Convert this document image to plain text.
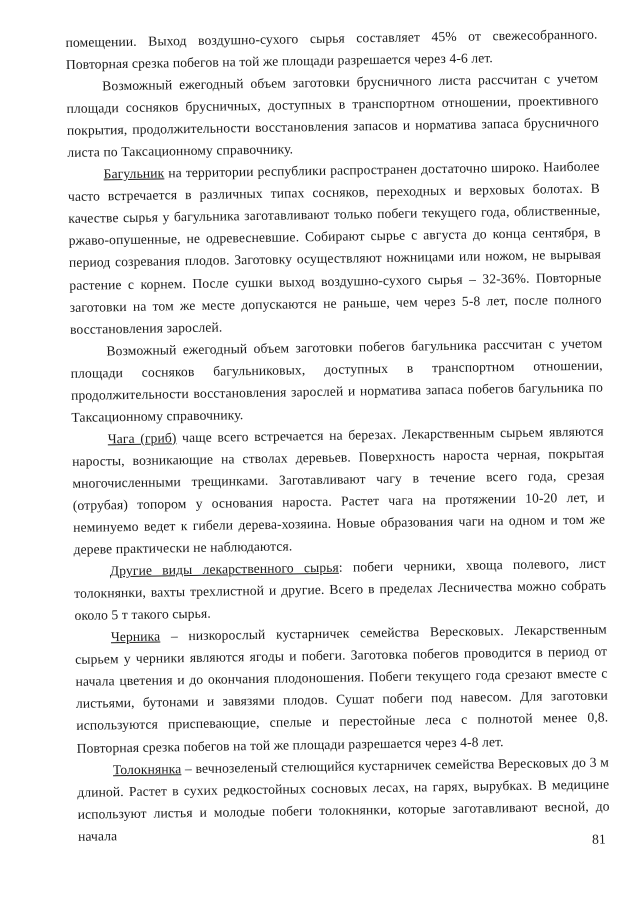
помещении. Выход воздушно-сухого сырья составляет 45% от свежесобранного. Повторная срезка побегов на той же площади разрешается через 4-6 лет.

Возможный ежегодный объем заготовки брусничного листа рассчитан с учетом площади сосняков брусничных, доступных в транспортном отношении, проективного покрытия, продолжительности восстановления запасов и норматива запаса брусничного листа по Таксационному справочнику.

Багульник на территории республики распространен достаточно широко. Наиболее часто встречается в различных типах сосняков, переходных и верховых болотах. В качестве сырья у багульника заготавливают только побеги текущего года, облиственные, ржаво-опушенные, не одревесневшие. Собирают сырье с августа до конца сентября, в период созревания плодов. Заготовку осуществляют ножницами или ножом, не вырывая растение с корнем. После сушки выход воздушно-сухого сырья – 32-36%. Повторные заготовки на том же месте допускаются не раньше, чем через 5-8 лет, после полного восстановления зарослей.

Возможный ежегодный объем заготовки побегов багульника рассчитан с учетом площади сосняков багульниковых, доступных в транспортном отношении, продолжительности восстановления зарослей и норматива запаса побегов багульника по Таксационному справочнику.

Чага (гриб) чаще всего встречается на березах. Лекарственным сырьем являются наросты, возникающие на стволах деревьев. Поверхность нароста черная, покрытая многочисленными трещинками. Заготавливают чагу в течение всего года, срезая (отрубая) топором у основания нароста. Растет чага на протяжении 10-20 лет, и неминуемо ведет к гибели дерева-хозяина. Новые образования чаги на одном и том же дереве практически не наблюдаются.

Другие виды лекарственного сырья: побеги черники, хвоща полевого, лист толокнянки, вахты трехлистной и другие. Всего в пределах Лесничества можно собрать около 5 т такого сырья.

Черника – низкорослый кустарничек семейства Вересковых. Лекарственным сырьем у черники являются ягоды и побеги. Заготовка побегов проводится в период от начала цветения и до окончания плодоношения. Побеги текущего года срезают вместе с листьями, бутонами и завязями плодов. Сушат побеги под навесом. Для заготовки используются приспевающие, спелые и перестойные леса с полнотой менее 0,8. Повторная срезка побегов на той же площади разрешается через 4-8 лет.

Толокнянка – вечнозеленый стелющийся кустарничек семейства Вересковых до 3 м длиной. Растет в сухих редкостойных сосновых лесах, на гарях, вырубках. В медицине используют листья и молодые побеги толокнянки, которые заготавливают весной, до начала	81
